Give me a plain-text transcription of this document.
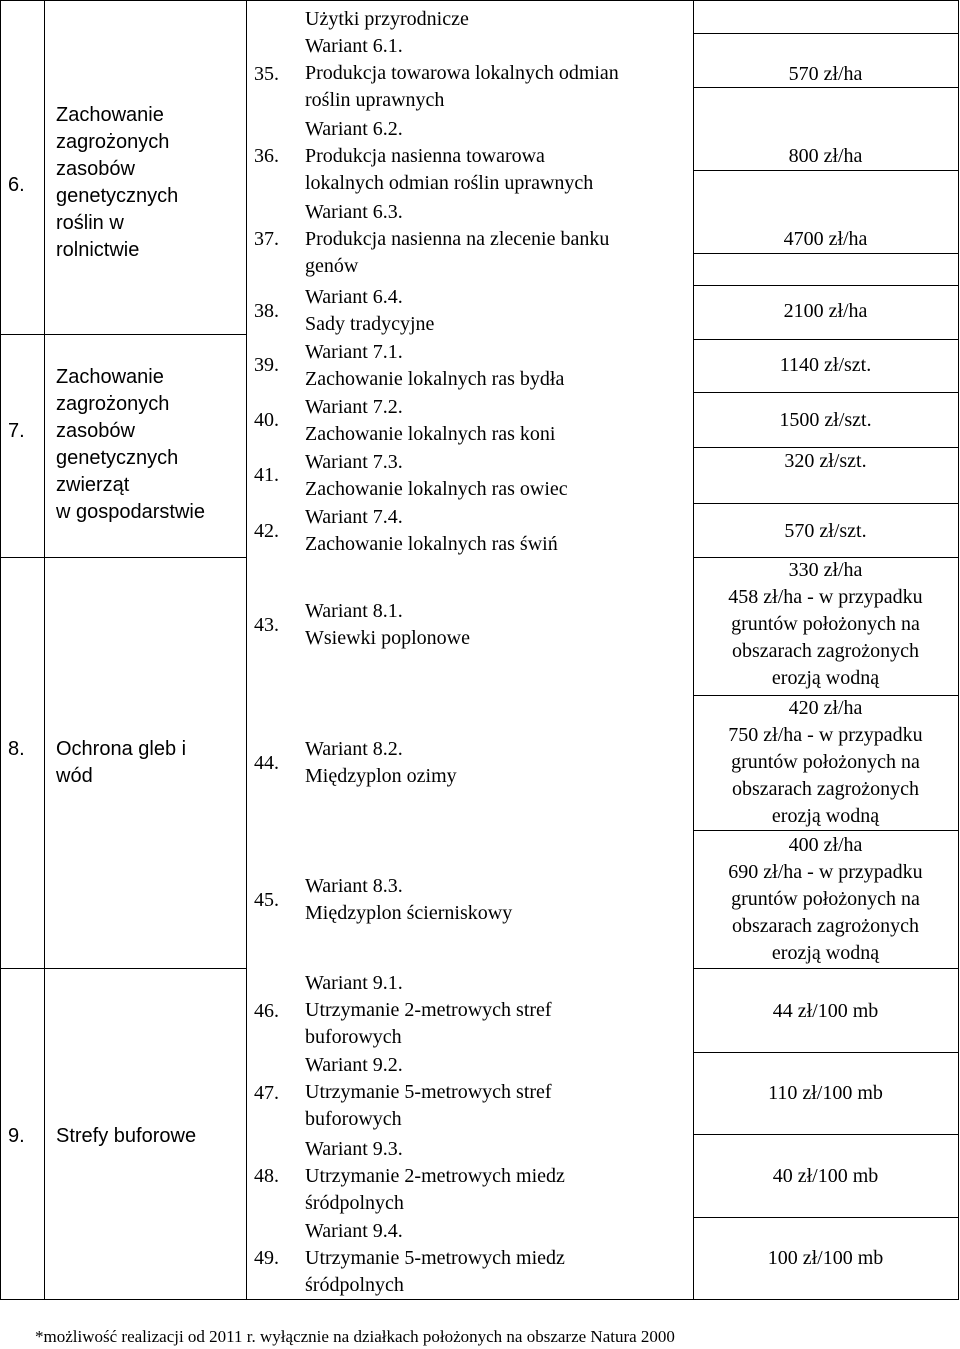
Użytki przyrodnicze
6.
Zachowanie
zagrożonych
zasobów
genetycznych
roślin w
rolnictwie
7.
Zachowanie
zagrożonych
zasobów
genetycznych
zwierząt
w gospodarstwie
8. Ochrona gleb i
wód
9. Strefy buforowe
35.
Wariant 6.1.
Produkcja towarowa lokalnych odmian
roślin uprawnych
570 zł/ha
36.
Wariant 6.2.
Produkcja nasienna towarowa
lokalnych odmian roślin uprawnych
800 zł/ha
37.
Wariant 6.3.
Produkcja nasienna na zlecenie banku
genów
4700 zł/ha
38.
Wariant 6.4.
Sady tradycyjne
2100 zł/ha
39.
Wariant 7.1.
Zachowanie lokalnych ras bydła
1140 zł/szt.
40.
Wariant 7.2.
Zachowanie lokalnych ras koni
1500 zł/szt.
41.
Wariant 7.3.
Zachowanie lokalnych ras owiec
320 zł/szt.
42.
Wariant 7.4.
Zachowanie lokalnych ras świń
570 zł/szt.
43.
Wariant 8.1.
Wsiewki poplonowe
330 zł/ha
458 zł/ha - w przypadku
gruntów położonych na
obszarach zagrożonych
erozją wodną
44.
Wariant 8.2.
Międzyplon ozimy
420 zł/ha
750 zł/ha - w przypadku
gruntów położonych na
obszarach zagrożonych
erozją wodną
45.
Wariant 8.3.
Międzyplon ścierniskowy
400 zł/ha
690 zł/ha - w przypadku
gruntów położonych na
obszarach zagrożonych
erozją wodną
46.
Wariant 9.1.
Utrzymanie 2-metrowych stref
buforowych
44 zł/100 mb
47.
Wariant 9.2.
Utrzymanie 5-metrowych stref
buforowych
110 zł/100 mb
48.
Wariant 9.3.
Utrzymanie 2-metrowych miedz
śródpolnych
40 zł/100 mb
49.
Wariant 9.4.
Utrzymanie 5-metrowych miedz
śródpolnych
100 zł/100 mb
*możliwość realizacji od 2011 r. wyłącznie na działkach położonych na obszarze Natura 2000
